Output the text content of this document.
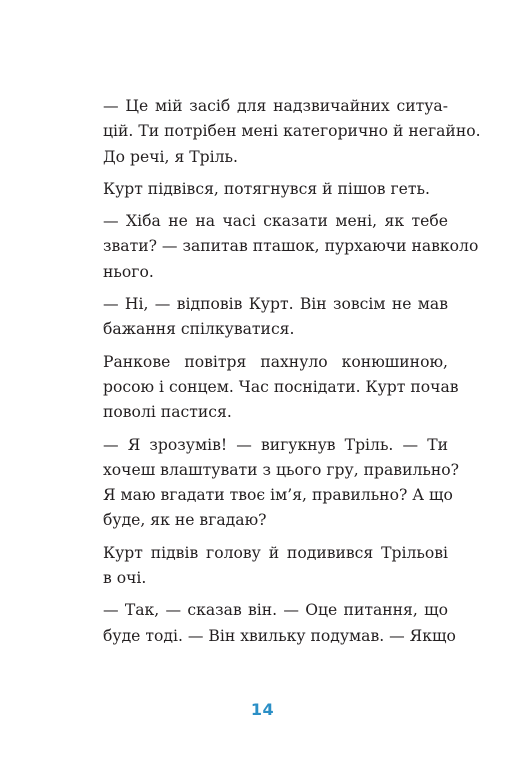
— Це мій засіб для надзвичайних ситуа-
цій. Ти потрібен мені категорично й негайно.
До речі, я Тріль.

Курт підвівся, потягнувся й пішов геть.

— Хіба не на часі сказати мені, як тебе
звати? — запитав пташок, пурхаючи навколо
нього.

— Ні, — відповів Курт. Він зовсім не мав
бажання спілкуватися.

Ранкове повітря пахнуло конюшиною,
росою і сонцем. Час поснідати. Курт почав
поволі пастися.

— Я зрозумів! — вигукнув Тріль. — Ти
хочеш влаштувати з цього гру, правильно?
Я маю вгадати твоє ім’я, правильно? А що
буде, як не вгадаю?

Курт підвів голову й подивився Трільові
в очі.

— Так, — сказав він. — Оце питання, що
буде тоді. — Він хвильку подумав. — Якщо

14
